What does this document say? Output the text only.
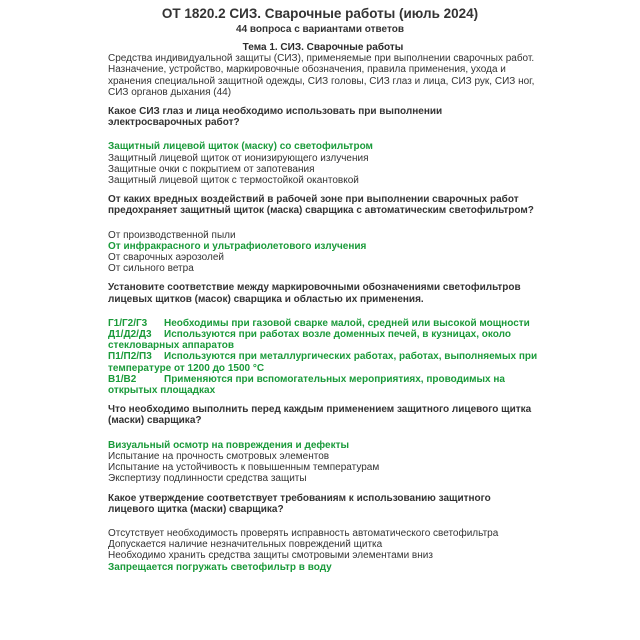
ОТ 1820.2 СИЗ. Сварочные работы (июль 2024)
44 вопроса с вариантами ответов
Тема 1. СИЗ. Сварочные работы

Средства индивидуальной защиты (СИЗ), применяемые при выполнении сварочных работ. Назначение, устройство, маркировочные обозначения, правила применения, ухода и хранения специальной защитной одежды, СИЗ головы, СИЗ глаз и лица, СИЗ рук, СИЗ ног, СИЗ органов дыхания (44)

Какое СИЗ глаз и лица необходимо использовать при выполнении электросварочных работ?

Защитный лицевой щиток (маску) со светофильтром

Защитный лицевой щиток от ионизирующего излучения

Защитные очки с покрытием от запотевания

Защитный лицевой щиток с термостойкой окантовкой

От каких вредных воздействий в рабочей зоне при выполнении сварочных работ предохраняет защитный щиток (маска) сварщика с автоматическим светофильтром?

От производственной пыли

От инфракрасного и ультрафиолетового излучения

От сварочных аэрозолей

От сильного ветра

Установите соответствие между маркировочными обозначениями светофильтров лицевых щитков (масок) сварщика и областью их применения.

Г1/Г2/Г3 Необходимы при газовой сварке малой, средней или высокой мощности

Д1/Д2/Д3 Используются при работах возле доменных печей, в кузницах, около стекловарных аппаратов

П1/П2/П3 Используются при металлургических работах, работах, выполняемых при температуре от 1200 до 1500 °С

В1/В2	Применяются при вспомогательных мероприятиях, проводимых на открытых площадках

Что необходимо выполнить перед каждым применением защитного лицевого щитка (маски) сварщика?

Визуальный осмотр на повреждения и дефекты

Испытание на прочность смотровых элементов

Испытание на устойчивость к повышенным температурам

Экспертизу подлинности средства защиты

Какое утверждение соответствует требованиям к использованию защитного лицевого щитка (маски) сварщика?

Отсутствует необходимость проверять исправность автоматического светофильтра

Допускается наличие незначительных повреждений щитка

Необходимо хранить средства защиты смотровыми элементами вниз

Запрещается погружать светофильтр в воду
